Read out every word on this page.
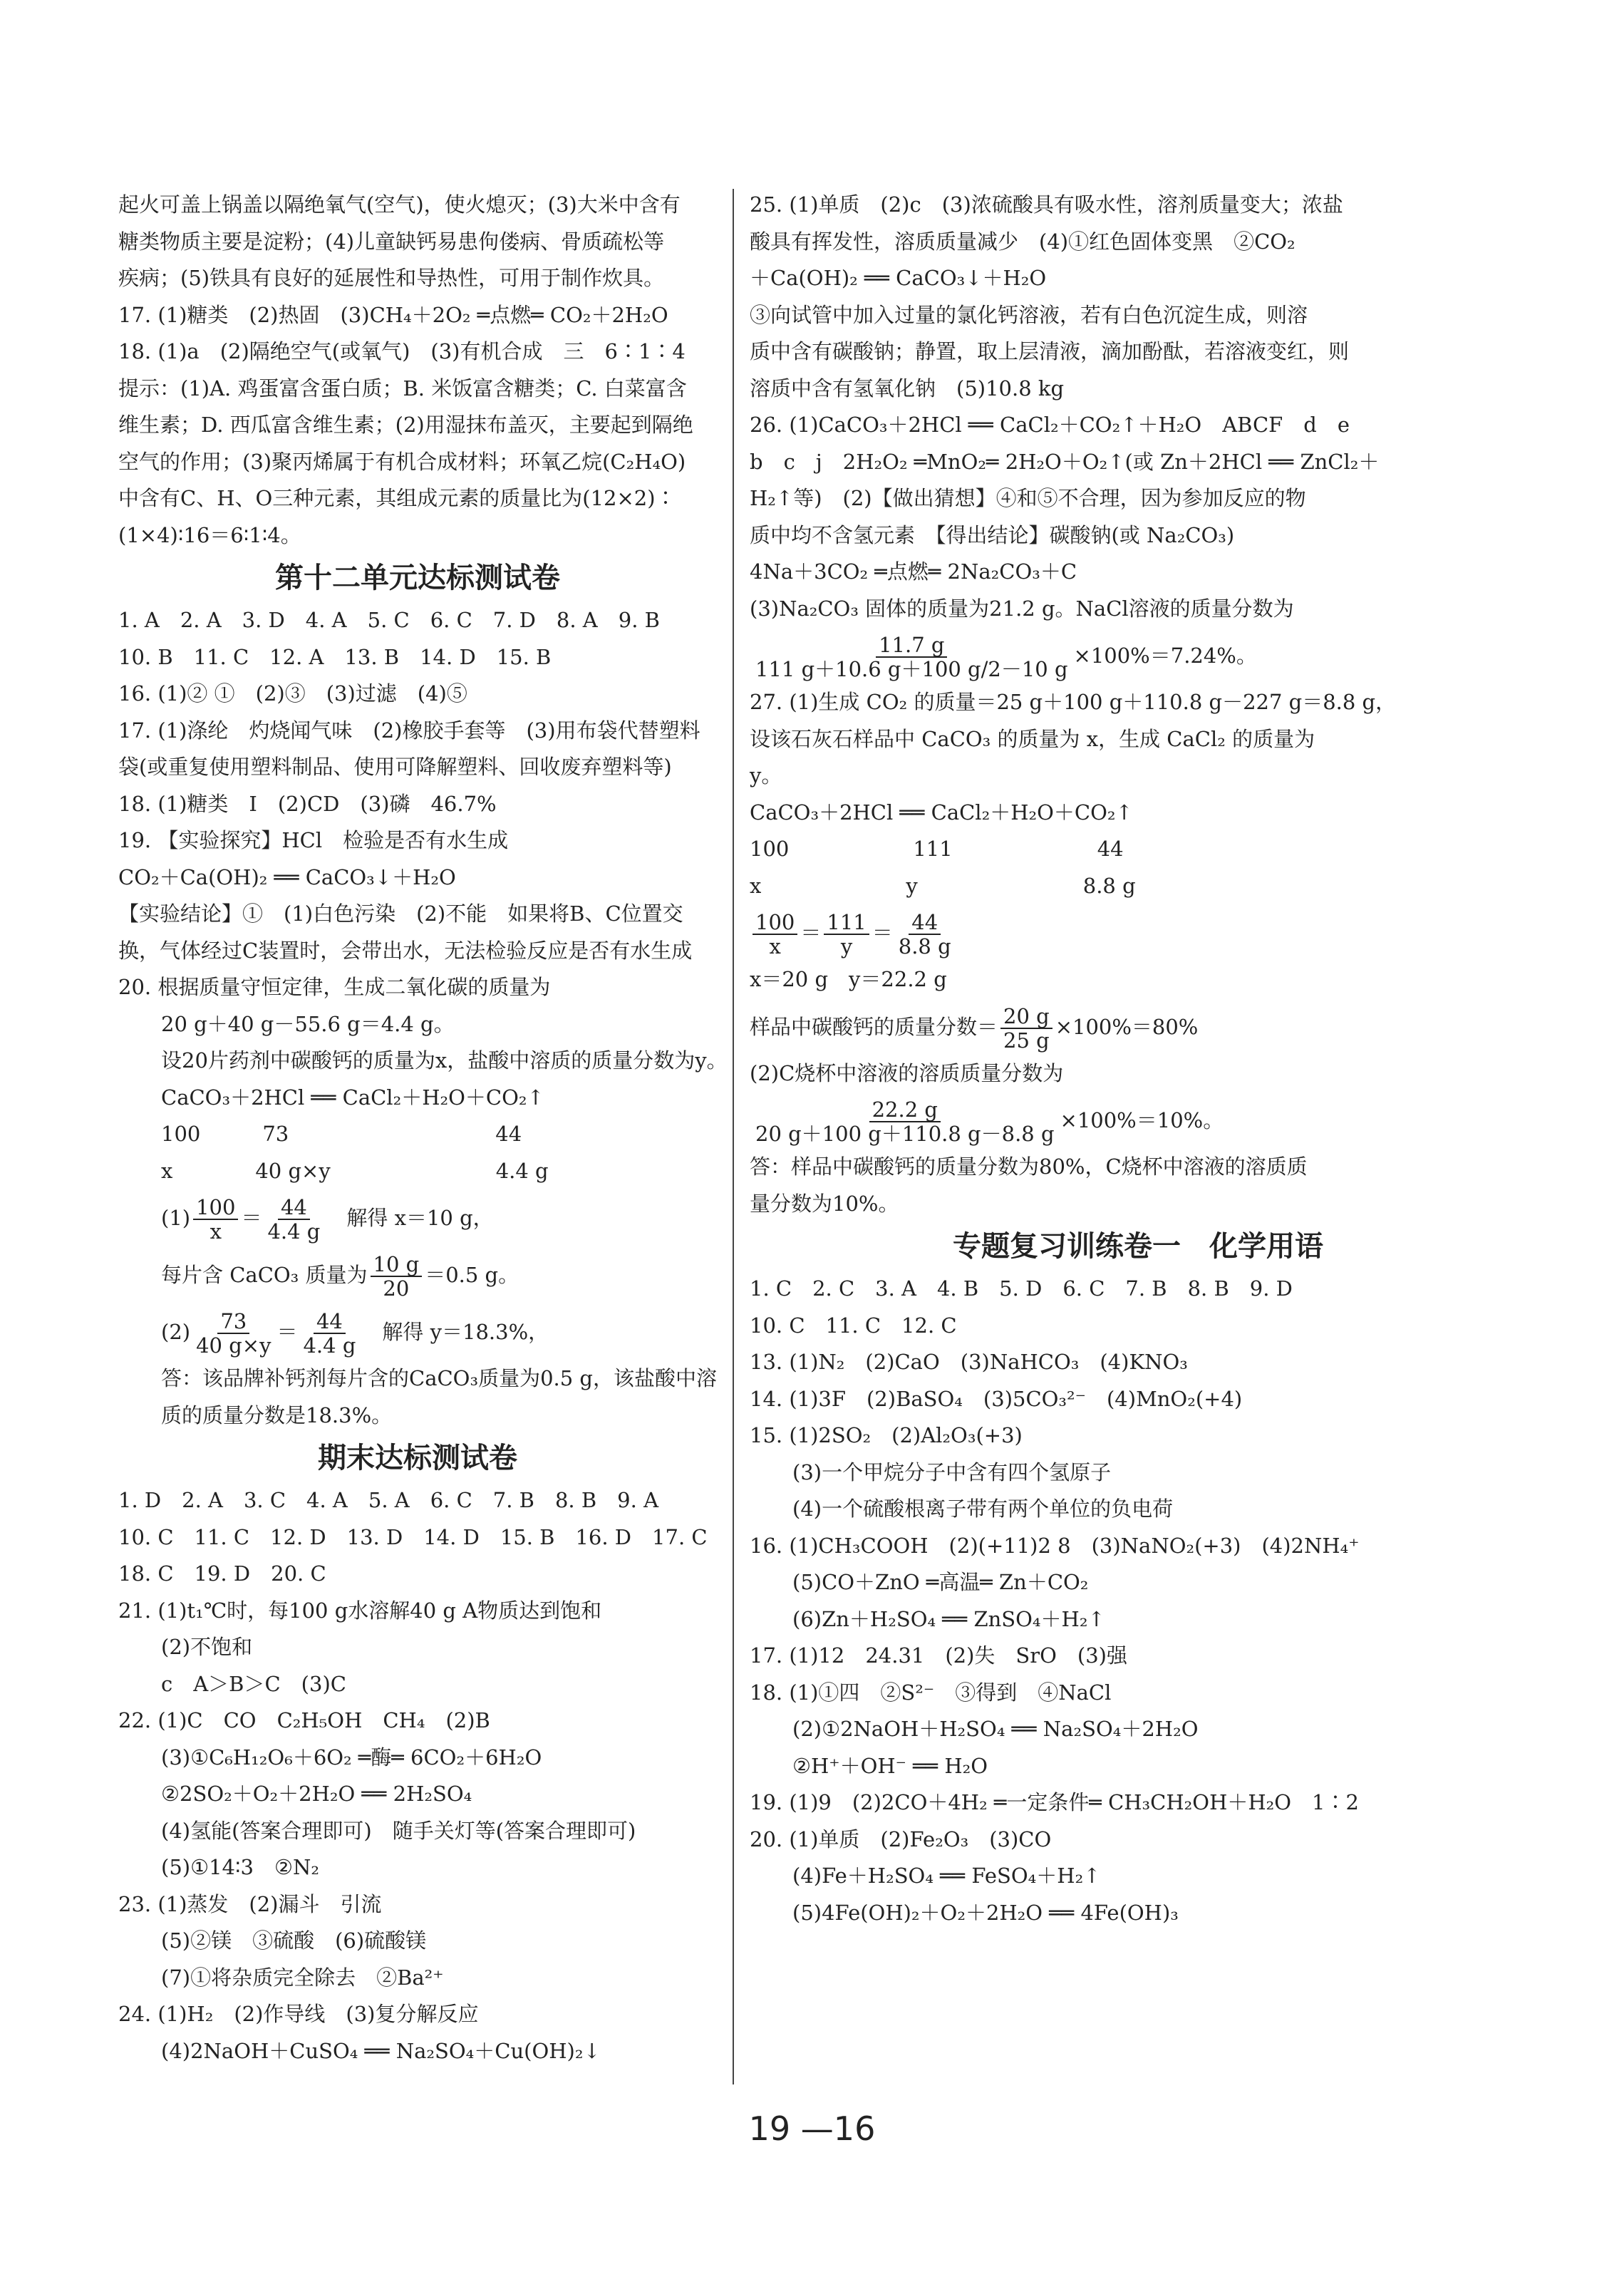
起火可盖上锅盖以隔绝氧气(空气)，使火熄灭；(3)大米中含有
糖类物质主要是淀粉；(4)儿童缺钙易患佝偻病、骨质疏松等
疾病；(5)铁具有良好的延展性和导热性，可用于制作炊具。
17. (1)糖类　(2)热固　(3)CH₄＋2O₂ ═点燃═ CO₂＋2H₂O
18. (1)a　(2)隔绝空气(或氧气)　(3)有机合成　三　6∶1∶4
提示：(1)A. 鸡蛋富含蛋白质；B. 米饭富含糖类；C. 白菜富含
维生素；D. 西瓜富含维生素；(2)用湿抹布盖灭，主要起到隔绝
空气的作用；(3)聚丙烯属于有机合成材料；环氧乙烷(C₂H₄O)
中含有C、H、O三种元素，其组成元素的质量比为(12×2)∶
(1×4)∶16＝6∶1∶4。
第十二单元达标测试卷
1. A　2. A　3. D　4. A　5. C　6. C　7. D　8. A　9. B
10. B　11. C　12. A　13. B　14. D　15. B
16. (1)② ①　(2)③　(3)过滤　(4)⑤
17. (1)涤纶　灼烧闻气味　(2)橡胶手套等　(3)用布袋代替塑料
袋(或重复使用塑料制品、使用可降解塑料、回收废弃塑料等)
18. (1)糖类　I　(2)CD　(3)磷　46.7%
19. 【实验探究】HCl　检验是否有水生成
CO₂＋Ca(OH)₂ ══ CaCO₃↓＋H₂O
【实验结论】①　(1)白色污染　(2)不能　如果将B、C位置交
换，气体经过C装置时，会带出水，无法检验反应是否有水生成
20. 根据质量守恒定律，生成二氧化碳的质量为
20 g＋40 g－55.6 g＝4.4 g。
设20片药剂中碳酸钙的质量为x，盐酸中溶质的质量分数为y。
CaCO₃＋2HCl ══ CaCl₂＋H₂O＋CO₂↑
100　　　73　　　　　　　　　　44
x　　　　40 g×y　　　　　　　　4.4 g
$(1) \frac{100}{x} = \frac{44}{4.4 g}$ 　解得 x＝10 g，
每片含 CaCO₃ 质量为 $\frac{10 g}{20} =0.5$ g。
$(2) \frac{73}{40 g\times y} = \frac{44}{4.4 g}$ 　解得 y＝18.3%，
答：该品牌补钙剂每片含的CaCO₃质量为0.5 g，该盐酸中溶
质的质量分数是18.3%。
期末达标测试卷
1. D　2. A　3. C　4. A　5. A　6. C　7. B　8. B　9. A
10. C　11. C　12. D　13. D　14. D　15. B　16. D　17. C
18. C　19. D　20. C
21. (1)t₁℃时，每100 g水溶解40 g A物质达到饱和
(2)不饱和
c　A＞B＞C　(3)C
22. (1)C　CO　C₂H₅OH　CH₄　(2)B
(3)①C₆H₁₂O₆＋6O₂ ═酶═ 6CO₂＋6H₂O
②2SO₂＋O₂＋2H₂O ══ 2H₂SO₄
(4)氢能(答案合理即可)　随手关灯等(答案合理即可)
(5)①14∶3　②N₂
23. (1)蒸发　(2)漏斗　引流
(5)②镁　③硫酸　(6)硫酸镁
(7)①将杂质完全除去　②Ba²⁺
24. (1)H₂　(2)作导线　(3)复分解反应
(4)2NaOH＋CuSO₄ ══ Na₂SO₄＋Cu(OH)₂↓
25. (1)单质　(2)c　(3)浓硫酸具有吸水性，溶剂质量变大；浓盐
酸具有挥发性，溶质质量减少　(4)①红色固体变黑　②CO₂
＋Ca(OH)₂ ══ CaCO₃↓＋H₂O
③向试管中加入过量的氯化钙溶液，若有白色沉淀生成，则溶
质中含有碳酸钠；静置，取上层清液，滴加酚酞，若溶液变红，则
溶质中含有氢氧化钠　(5)10.8 kg
26. (1)CaCO₃＋2HCl ══ CaCl₂＋CO₂↑＋H₂O　ABCF　d　e
b　c　j　2H₂O₂ ═MnO₂═ 2H₂O＋O₂↑(或 Zn＋2HCl ══ ZnCl₂＋
H₂↑等)　(2)【做出猜想】④和⑤不合理，因为参加反应的物
质中均不含氢元素　【得出结论】碳酸钠(或 Na₂CO₃)
4Na＋3CO₂ ═点燃═ 2Na₂CO₃＋C
(3)Na₂CO₃ 固体的质量为21.2 g。NaCl溶液的质量分数为
$\frac{11.7 g}{111 g+10.6 g+100 g/2-10 g} \times 100\%=7.24\%$。
27. (1)生成 CO₂ 的质量＝25 g＋100 g＋110.8 g－227 g＝8.8 g，
设该石灰石样品中 CaCO₃ 的质量为 x，生成 CaCl₂ 的质量为
y。
CaCO₃＋2HCl ══ CaCl₂＋H₂O＋CO₂↑
100　　　　　　111　　　　　　　44
x　　　　　　　y　　　　　　　　8.8 g
$\frac{100}{x} = \frac{111}{y} = \frac{44}{8.8 g}$
x＝20 g　y＝22.2 g
样品中碳酸钙的质量分数＝ $\frac{20 g}{25 g} \times 100\%=80\%$
(2)C烧杯中溶液的溶质质量分数为
$\frac{22.2 g}{20 g+100 g+110.8 g-8.8 g} \times 100\%=10\%$。
答：样品中碳酸钙的质量分数为80%，C烧杯中溶液的溶质质
量分数为10%。
专题复习训练卷一　化学用语
1. C　2. C　3. A　4. B　5. D　6. C　7. B　8. B　9. D
10. C　11. C　12. C
13. (1)N₂　(2)CaO　(3)NaHCO₃　(4)KNO₃
14. (1)3F　(2)BaSO₄　(3)5CO₃²⁻　(4)MnO₂(+4)
15. (1)2SO₂　(2)Al₂O₃(+3)
(3)一个甲烷分子中含有四个氢原子
(4)一个硫酸根离子带有两个单位的负电荷
16. (1)CH₃COOH　(2)(+11)2 8　(3)NaNO₂(+3)　(4)2NH₄⁺
(5)CO＋ZnO ═高温═ Zn＋CO₂
(6)Zn＋H₂SO₄ ══ ZnSO₄＋H₂↑
17. (1)12　24.31　(2)失　SrO　(3)强
18. (1)①四　②S²⁻　③得到　④NaCl
(2)①2NaOH＋H₂SO₄ ══ Na₂SO₄＋2H₂O
②H⁺＋OH⁻ ══ H₂O
19. (1)9　(2)2CO＋4H₂ ═一定条件═ CH₃CH₂OH＋H₂O　1∶2
20. (1)单质　(2)Fe₂O₃　(3)CO
(4)Fe＋H₂SO₄ ══ FeSO₄＋H₂↑
(5)4Fe(OH)₂＋O₂＋2H₂O ══ 4Fe(OH)₃
19 —16
